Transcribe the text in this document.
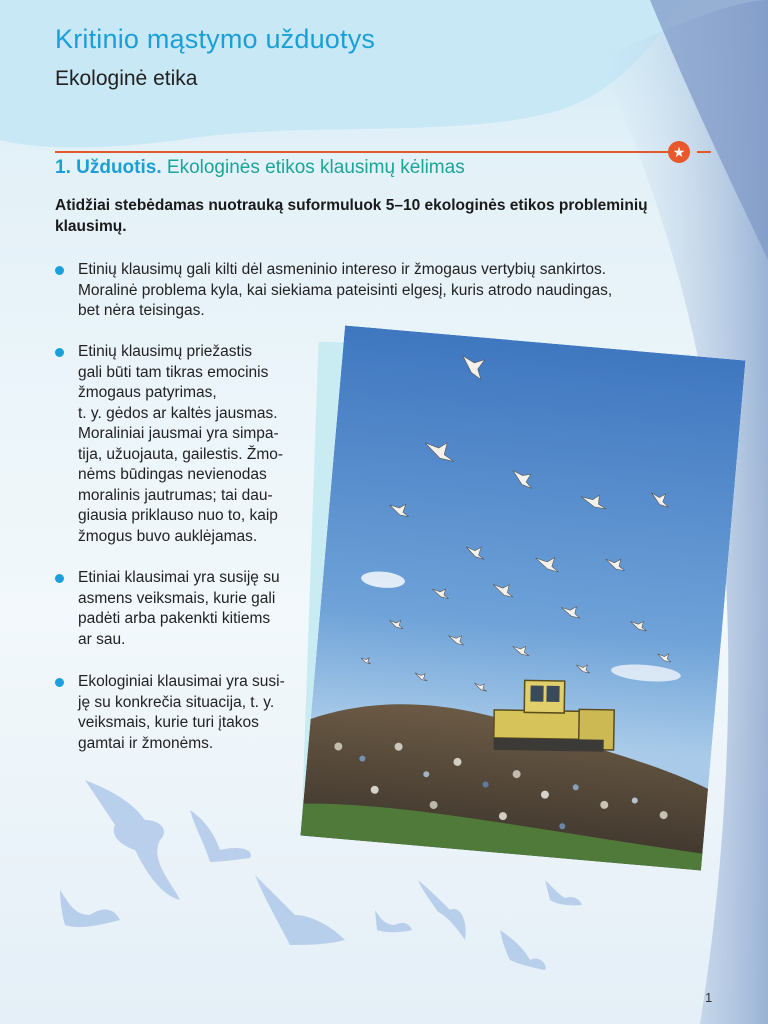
Kritinio mąstymo užduotys
Ekologinė etika
★
1. Užduotis. Ekologinės etikos klausimų kėlimas
Atidžiai stebėdamas nuotrauką suformuluok 5–10 ekologinės etikos probleminių klausimų.
Etinių klausimų gali kilti dėl asmeninio intereso ir žmogaus vertybių sankirtos.
Moralinė problema kyla, kai siekiama pateisinti elgesį, kuris atrodo naudingas,
bet nėra teisingas.
Etinių klausimų priežastis
gali būti tam tikras emocinis
žmogaus patyrimas,
t. y. gėdos ar kaltės jausmas.
Moraliniai jausmai yra simpa-
tija, užuojauta, gailestis. Žmo-
nėms būdingas nevienodas
moralinis jautrumas; tai dau-
giausia priklauso nuo to, kaip
žmogus buvo auklėjamas.
Etiniai klausimai yra susiję su
asmens veiksmais, kurie gali
padėti arba pakenkti kitiems
ar sau.
Ekologiniai klausimai yra susi-
ję su konkrečia situacija, t. y.
veiksmais, kurie turi įtakos
gamtai ir žmonėms.
1
